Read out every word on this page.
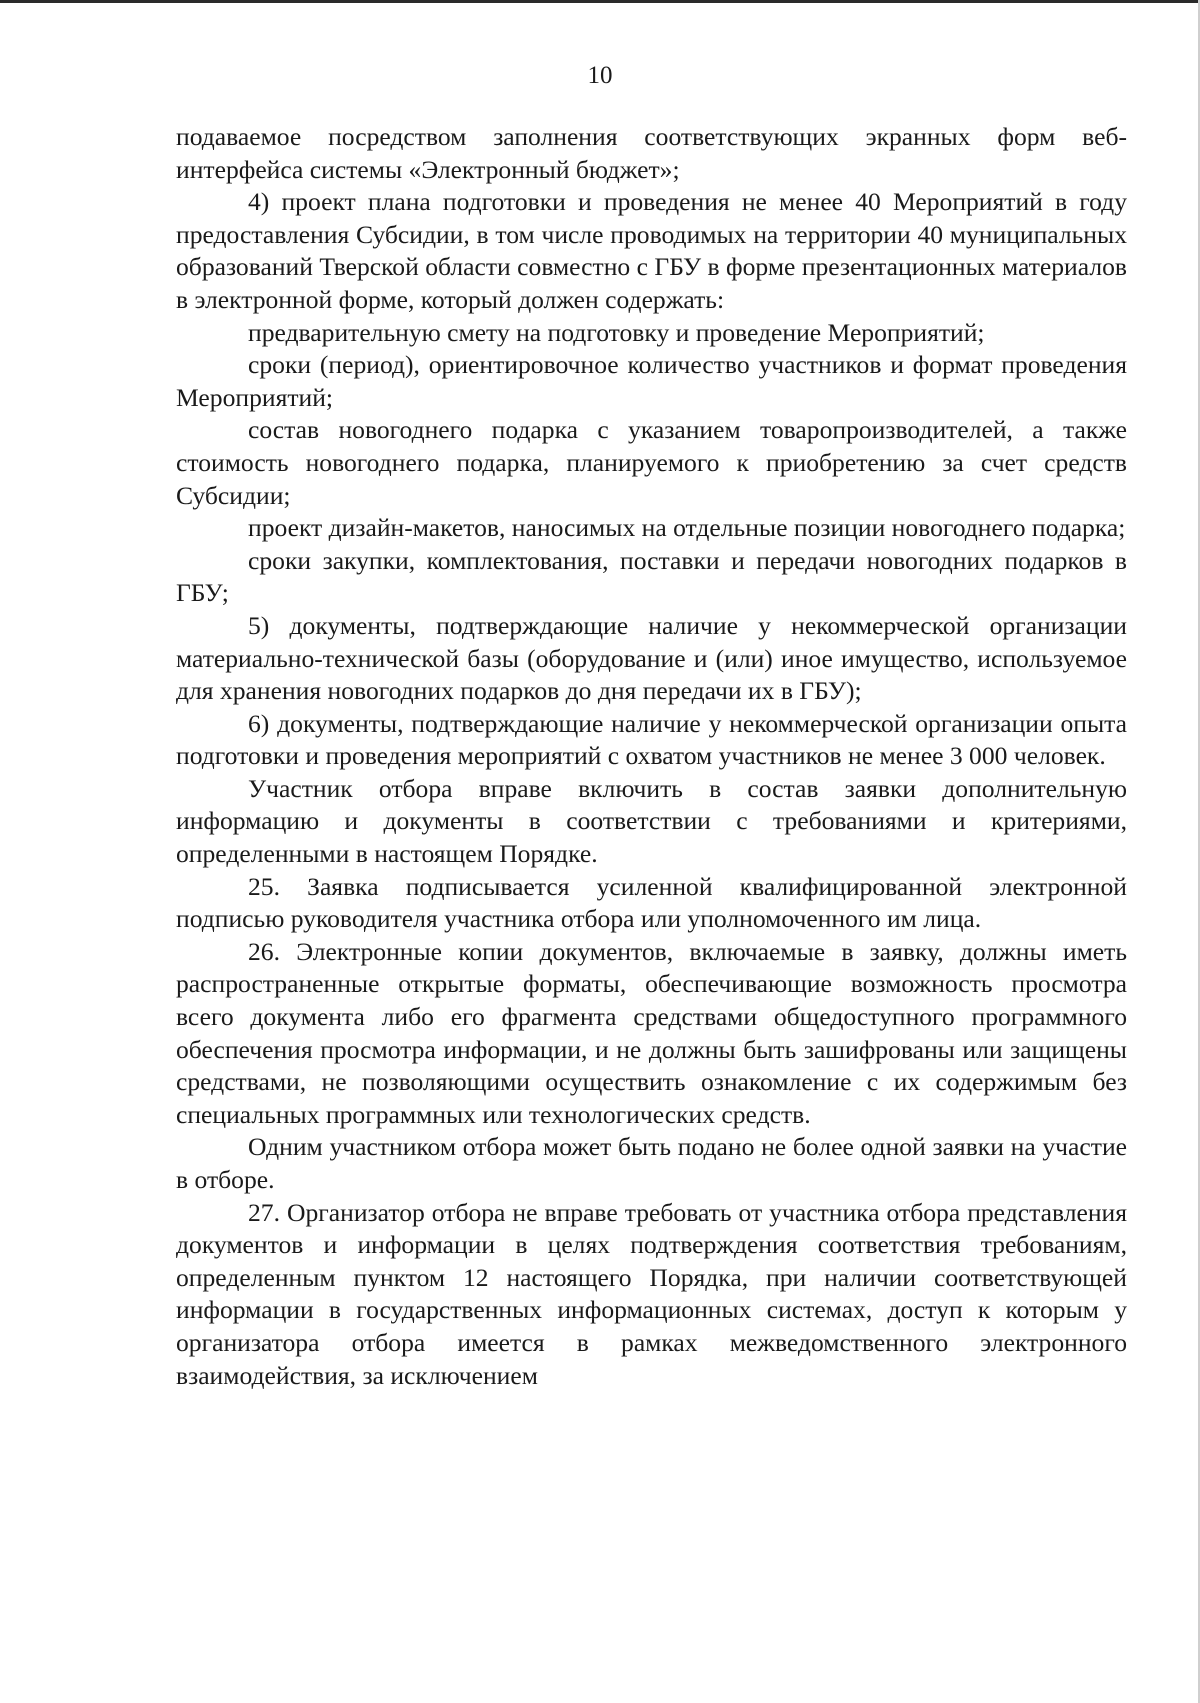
10

подаваемое посредством заполнения соответствующих экранных форм веб-интерфейса системы «Электронный бюджет»;

4) проект плана подготовки и проведения не менее 40 Мероприятий в году предоставления Субсидии, в том числе проводимых на территории 40 муниципальных образований Тверской области совместно с ГБУ в форме презентационных материалов в электронной форме, который должен содержать:

предварительную смету на подготовку и проведение Мероприятий;

сроки (период), ориентировочное количество участников и формат проведения Мероприятий;

состав новогоднего подарка с указанием товаропроизводителей, а также стоимость новогоднего подарка, планируемого к приобретению за счет средств Субсидии;

проект дизайн-макетов, наносимых на отдельные позиции новогоднего подарка;

сроки закупки, комплектования, поставки и передачи новогодних подарков в ГБУ;

5) документы, подтверждающие наличие у некоммерческой организации материально-технической базы (оборудование и (или) иное имущество, используемое для хранения новогодних подарков до дня передачи их в ГБУ);

6) документы, подтверждающие наличие у некоммерческой организации опыта подготовки и проведения мероприятий с охватом участников не менее 3 000 человек.

Участник отбора вправе включить в состав заявки дополнительную информацию и документы в соответствии с требованиями и критериями, определенными в настоящем Порядке.

25. Заявка подписывается усиленной квалифицированной электронной подписью руководителя участника отбора или уполномоченного им лица.

26. Электронные копии документов, включаемые в заявку, должны иметь распространенные открытые форматы, обеспечивающие возможность просмотра всего документа либо его фрагмента средствами общедоступного программного обеспечения просмотра информации, и не должны быть зашифрованы или защищены средствами, не позволяющими осуществить ознакомление с их содержимым без специальных программных или технологических средств.

Одним участником отбора может быть подано не более одной заявки на участие в отборе.

27. Организатор отбора не вправе требовать от участника отбора представления документов и информации в целях подтверждения соответствия требованиям, определенным пунктом 12 настоящего Порядка, при наличии соответствующей информации в государственных информационных системах, доступ к которым у организатора отбора имеется в рамках межведомственного электронного взаимодействия, за исключением
